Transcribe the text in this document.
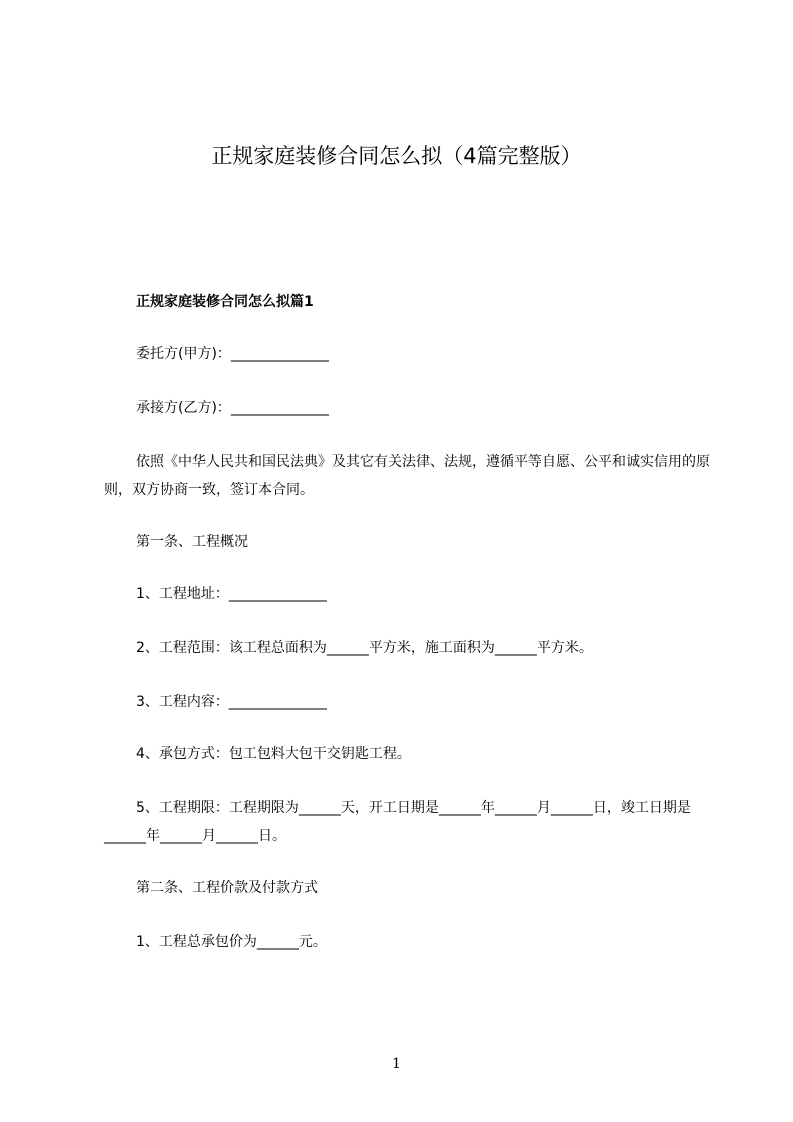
正规家庭装修合同怎么拟（4篇完整版）

正规家庭装修合同怎么拟篇1

委托方(甲方)：______________

承接方(乙方)：______________

依照《中华人民共和国民法典》及其它有关法律、法规，遵循平等自愿、公平和诚实信用的原则，双方协商一致，签订本合同。

第一条、工程概况

1、工程地址：______________

2、工程范围：该工程总面积为______平方米，施工面积为______平方米。

3、工程内容：______________

4、承包方式：包工包料大包干交钥匙工程。

5、工程期限：工程期限为______天，开工日期是______年______月______日，竣工日期是______年______月______日。

第二条、工程价款及付款方式

1、工程总承包价为______元。

1
